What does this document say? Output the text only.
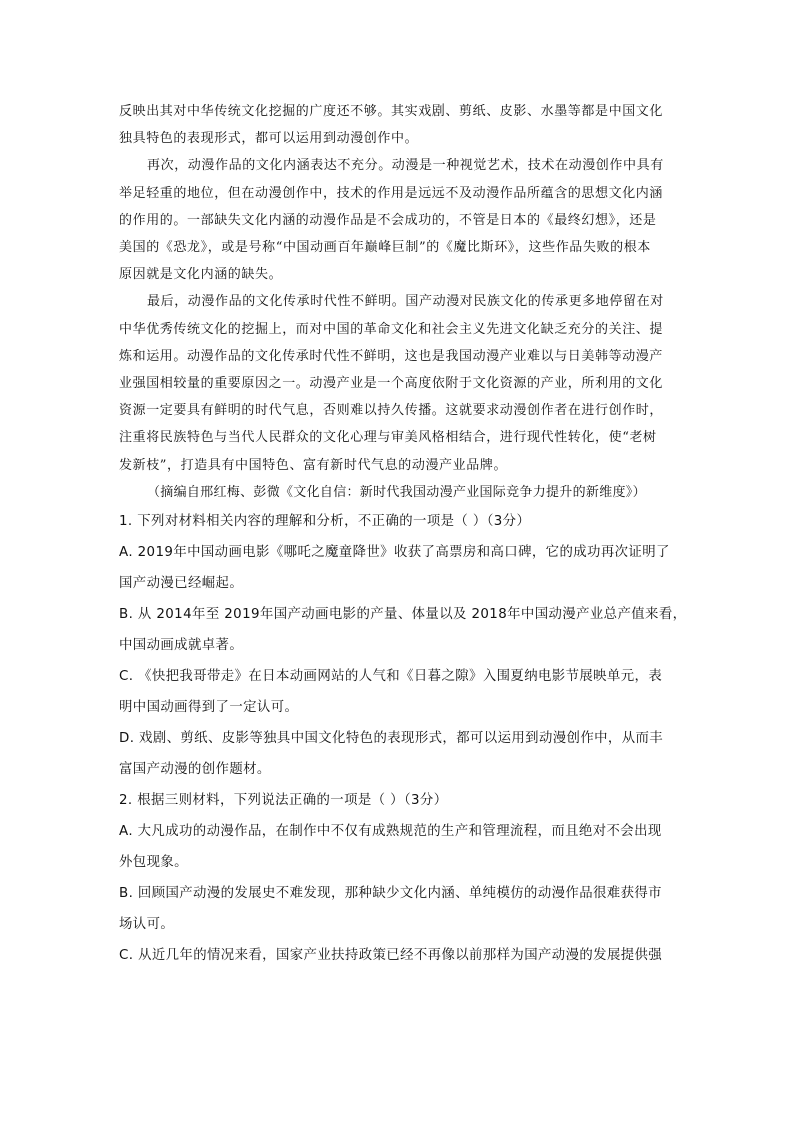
反映出其对中华传统文化挖掘的广度还不够。其实戏剧、剪纸、皮影、水墨等都是中国文化
独具特色的表现形式，都可以运用到动漫创作中。
再次，动漫作品的文化内涵表达不充分。动漫是一种视觉艺术，技术在动漫创作中具有
举足轻重的地位，但在动漫创作中，技术的作用是远远不及动漫作品所蕴含的思想文化内涵
的作用的。一部缺失文化内涵的动漫作品是不会成功的，不管是日本的《最终幻想》，还是
美国的《恐龙》，或是号称“中国动画百年巅峰巨制”的《魔比斯环》，这些作品失败的根本
原因就是文化内涵的缺失。
最后，动漫作品的文化传承时代性不鲜明。国产动漫对民族文化的传承更多地停留在对
中华优秀传统文化的挖掘上，而对中国的革命文化和社会主义先进文化缺乏充分的关注、提
炼和运用。动漫作品的文化传承时代性不鲜明，这也是我国动漫产业难以与日美韩等动漫产
业强国相较量的重要原因之一。动漫产业是一个高度依附于文化资源的产业，所利用的文化
资源一定要具有鲜明的时代气息，否则难以持久传播。这就要求动漫创作者在进行创作时，
注重将民族特色与当代人民群众的文化心理与审美风格相结合，进行现代性转化，使“老树
发新枝”，打造具有中国特色、富有新时代气息的动漫产业品牌。
（摘编自邢红梅、彭微《文化自信：新时代我国动漫产业国际竞争力提升的新维度》）
1. 下列对材料相关内容的理解和分析，不正确的一项是（ ）（3分）
A. 2019年中国动画电影《哪吒之魔童降世》收获了高票房和高口碑，它的成功再次证明了
国产动漫已经崛起。
B. 从 2014年至 2019年国产动画电影的产量、体量以及 2018年中国动漫产业总产值来看，
中国动画成就卓著。
C. 《快把我哥带走》在日本动画网站的人气和《日暮之隙》入围夏纳电影节展映单元，表
明中国动画得到了一定认可。
D. 戏剧、剪纸、皮影等独具中国文化特色的表现形式，都可以运用到动漫创作中，从而丰
富国产动漫的创作题材。
2. 根据三则材料，下列说法正确的一项是（ ）（3分）
A. 大凡成功的动漫作品，在制作中不仅有成熟规范的生产和管理流程，而且绝对不会出现
外包现象。
B. 回顾国产动漫的发展史不难发现，那种缺少文化内涵、单纯模仿的动漫作品很难获得市
场认可。
C. 从近几年的情况来看，国家产业扶持政策已经不再像以前那样为国产动漫的发展提供强
